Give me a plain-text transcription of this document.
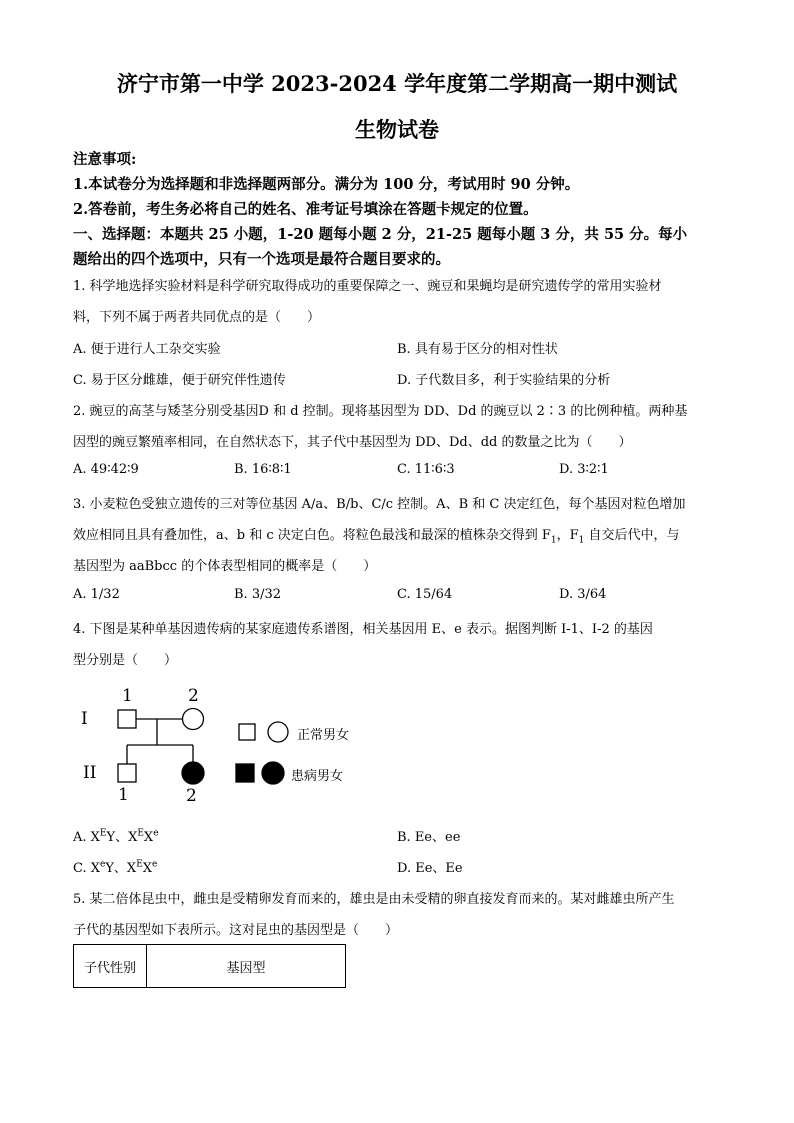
济宁市第一中学 2023-2024 学年度第二学期高一期中测试
生物试卷
注意事项:
1.本试卷分为选择题和非选择题两部分。满分为 100 分，考试用时 90 分钟。
2.答卷前，考生务必将自己的姓名、准考证号填涂在答题卡规定的位置。
一、选择题：本题共 25 小题，1-20 题每小题 2 分，21-25 题每小题 3 分，共 55 分。每小
题给出的四个选项中，只有一个选项是最符合题目要求的。
1. 科学地选择实验材料是科学研究取得成功的重要保障之一、豌豆和果蝇均是研究遗传学的常用实验材
料，下列不属于两者共同优点的是（　　）
A. 便于进行人工杂交实验	B. 具有易于区分的相对性状
C. 易于区分雌雄，便于研究伴性遗传	D. 子代数目多，利于实验结果的分析
2. 豌豆的高茎与矮茎分别受基因D 和 d 控制。现将基因型为 DD、Dd 的豌豆以 2∶3 的比例种植。两种基
因型的豌豆繁殖率相同，在自然状态下，其子代中基因型为 DD、Dd、dd 的数量之比为（　　）
A. 49∶42∶9	B. 16∶8∶1	C. 11∶6∶3	D. 3∶2∶1
3. 小麦粒色受独立遗传的三对等位基因 A/a、B/b、C/c 控制。A、B 和 C 决定红色，每个基因对粒色增加
效应相同且具有叠加性，a、b 和 c 决定白色。将粒色最浅和最深的植株杂交得到 $F_1$，$F_1$ 自交后代中，与
基因型为 aaBbcc 的个体表型相同的概率是（　　）
A. 1/32	B. 3/32	C. 15/64	D. 3/64
4. 下图是某种单基因遗传病的某家庭遗传系谱图，相关基因用 E、e 表示。据图判断 Ⅰ-1、Ⅰ-2 的基因
型分别是（　　）
I
II
1	2
1	2
正常男女
患病男女
A. $X^EY$、$X^EXe$	B. Ee、ee
C. XeY、$X^EXe$	D. Ee、Ee
5. 某二倍体昆虫中，雌虫是受精卵发育而来的，雄虫是由未受精的卵直接发育而来的。某对雌雄虫所产生
子代的基因型如下表所示。这对昆虫的基因型是（　　）
子代性别	基因型
